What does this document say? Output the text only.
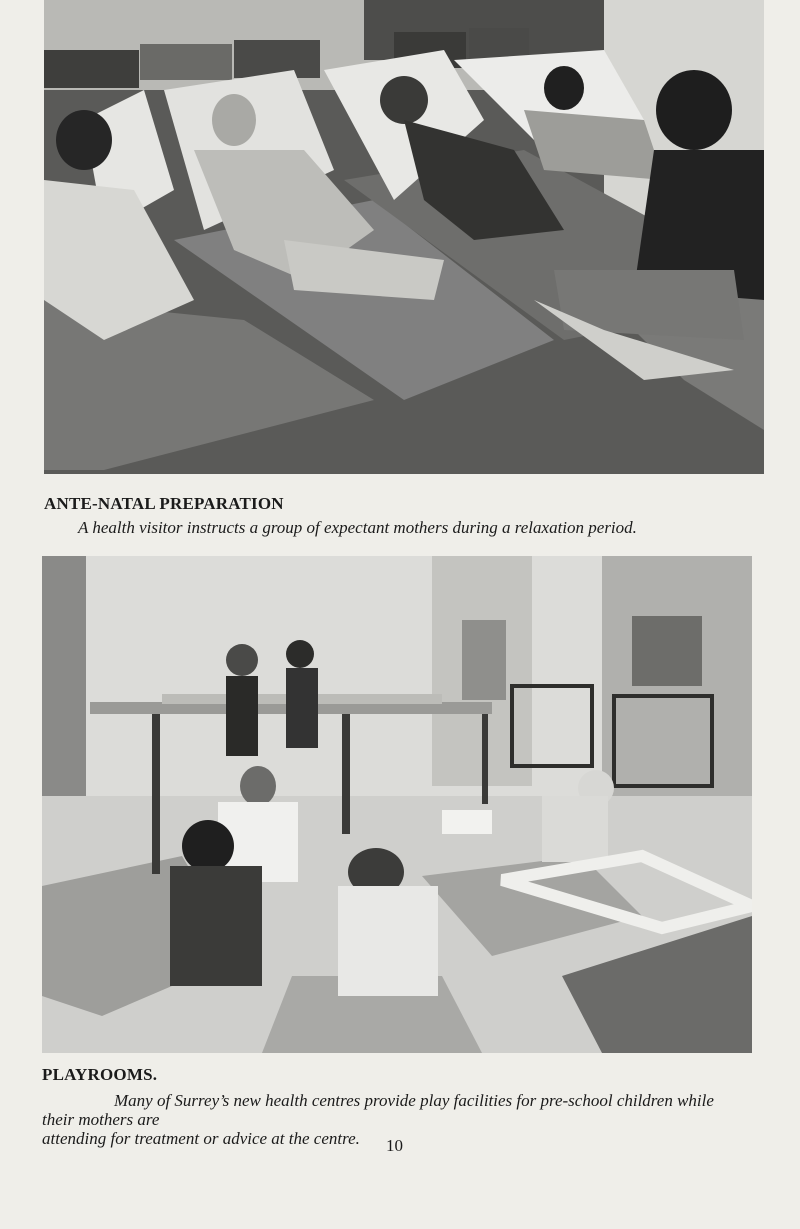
ANTE-NATAL PREPARATION
A health visitor instructs a group of expectant mothers during a relaxation period.
PLAYROOMS.
Many of Surrey’s new health centres provide play facilities for pre-school children while their mothers are
attending for treatment or advice at the centre.	10
